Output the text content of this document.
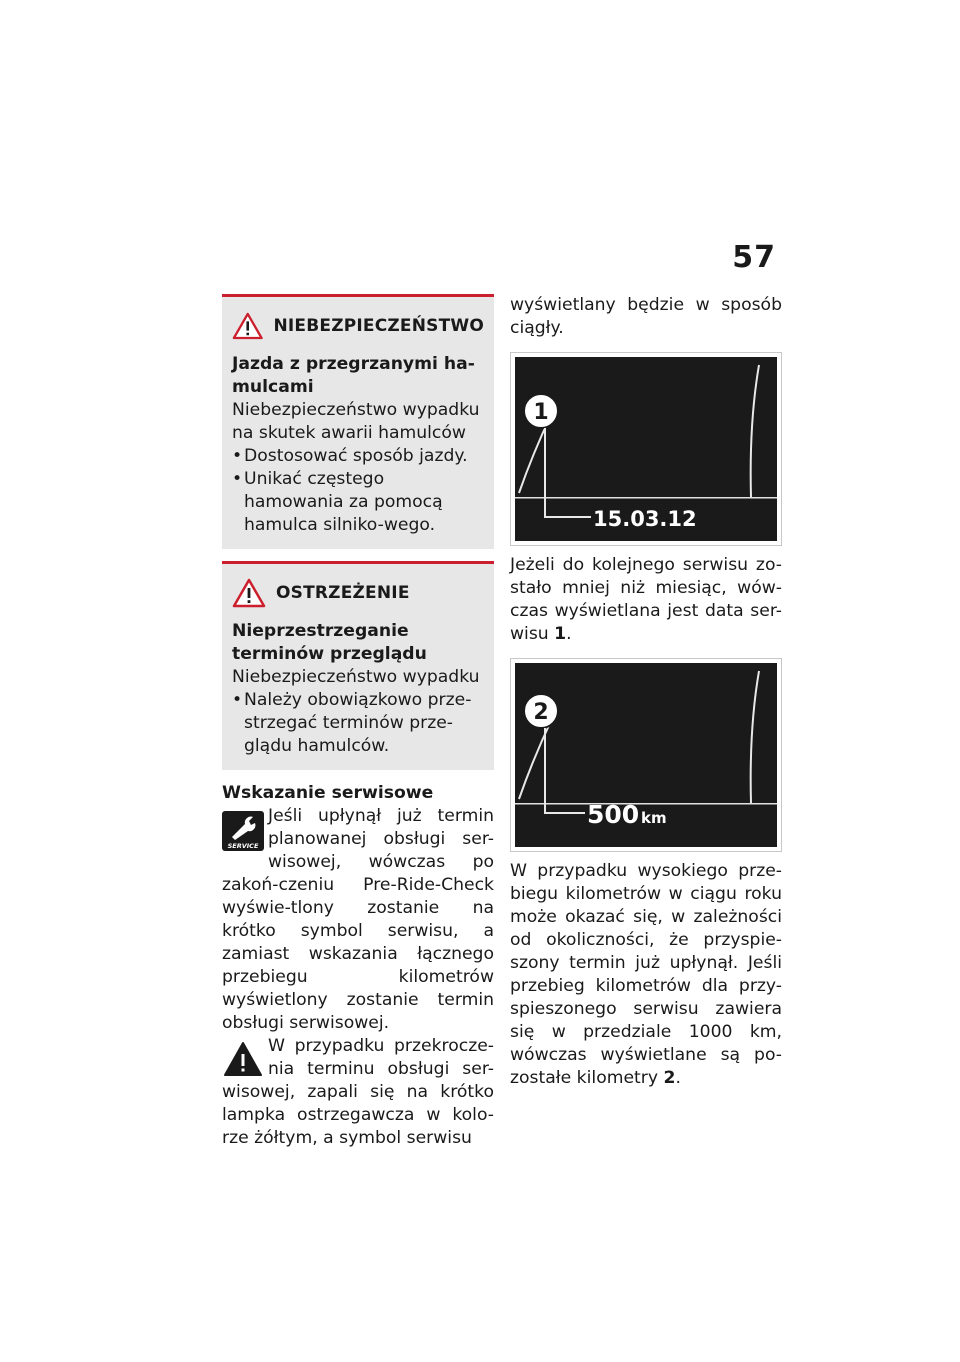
57
NIEBEZPIECZEŃSTWO

Jazda z przegrzanymi ha-mulcami

Niebezpieczeństwo wypadku na skutek awarii hamulców

• Dostosować sposób jazdy.
• Unikać częstego hamowania za pomocą hamulca silniko-wego.
OSTRZEŻENIE

Nieprzestrzeganie terminów przeglądu

Niebezpieczeństwo wypadku

• Należy obowiązkowo prze-strzegać terminów prze-glądu hamulców.

Wskazanie serwisowe

SERVICE

Jeśli upłynął już termin planowanej obsługi ser-wisowej, wówczas po zakoń-czeniu Pre-Ride-Check wyświe-tlony zostanie na krótko symbol serwisu, a zamiast wskazania łącznego przebiegu kilometrów wyświetlony zostanie termin obsługi serwisowej.

W przypadku przekrocze-nia terminu obsługi ser-wisowej, zapali się na krótko lampka ostrzegawcza w kolo-rze żółtym, a symbol serwisu

wyświetlany będzie w sposób ciągły.

1
15.03.12

Jeżeli do kolejnego serwisu zo-stało mniej niż miesiąc, wów-czas wyświetlana jest data ser-wisu 1.

2
500 km

W przypadku wysokiego prze-biegu kilometrów w ciągu roku może okazać się, w zależności od okoliczności, że przyspie-szony termin już upłynął. Jeśli przebieg kilometrów dla przy-spieszonego serwisu zawiera się w przedziale 1000 km, wówczas wyświetlane są po-zostałe kilometry 2.
